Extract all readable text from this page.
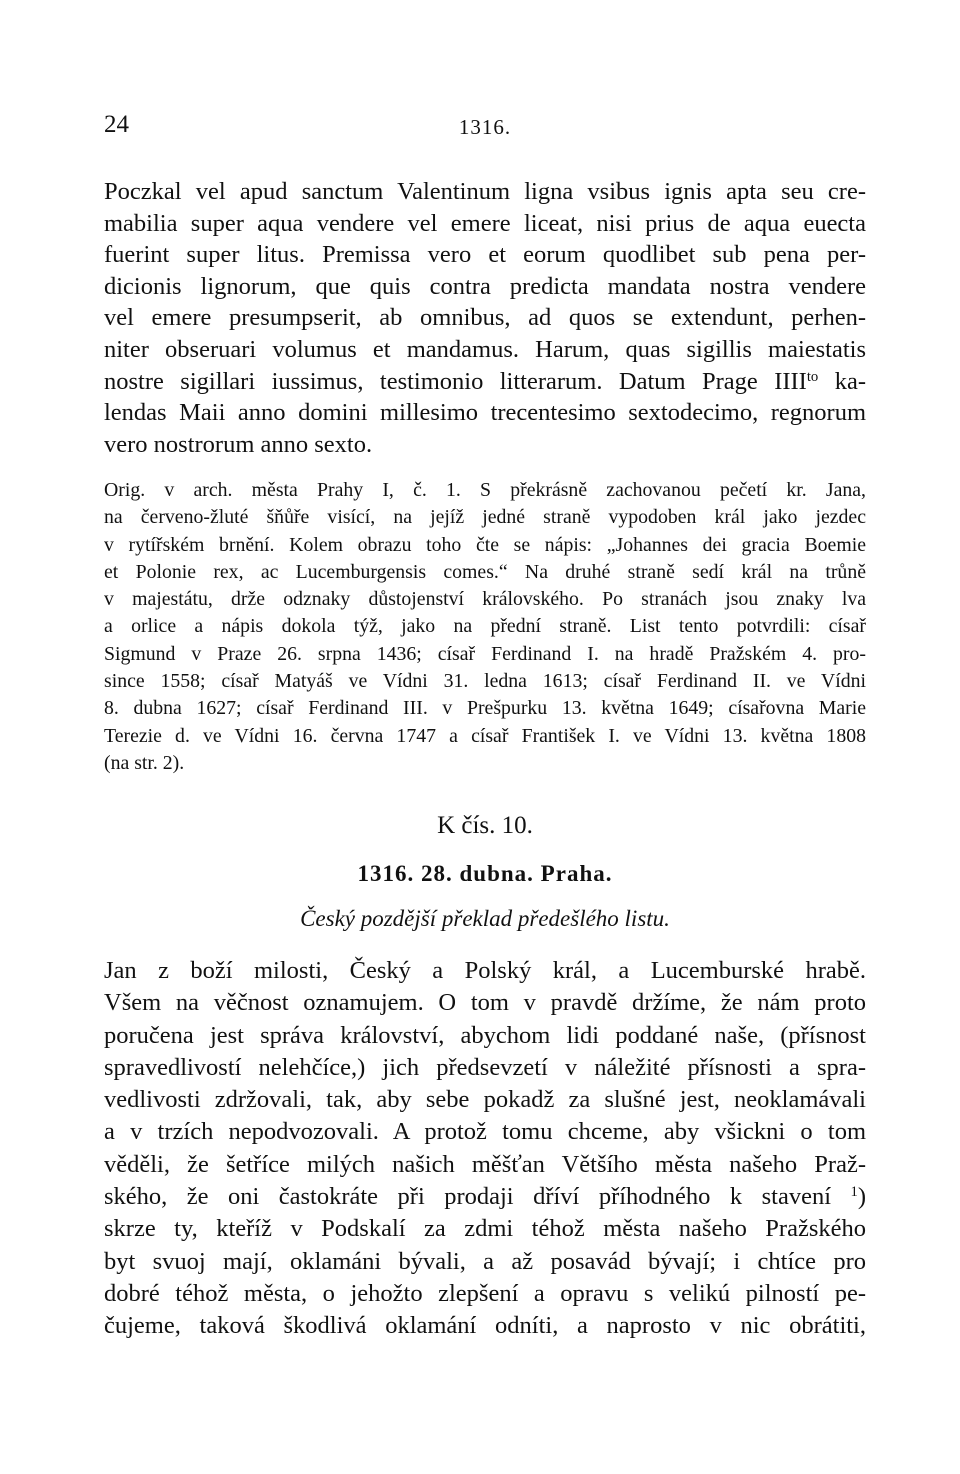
24	1316.
Poczkal vel apud sanctum Valentinum ligna vsibus ignis apta seu cre-
mabilia super aqua vendere vel emere liceat, nisi prius de aqua euecta
fuerint super litus. Premissa vero et eorum quodlibet sub pena per-
dicionis lignorum, que quis contra predicta mandata nostra vendere
vel emere presumpserit, ab omnibus, ad quos se extendunt, perhen-
niter obseruari volumus et mandamus. Harum, quas sigillis maiestatis
nostre sigillari iussimus, testimonio litterarum. Datum Prage $IIII^{to}$ ka-
lendas Maii anno domini millesimo trecentesimo sextodecimo, regnorum
vero nostrorum anno sexto.
Orig. v arch. města Prahy I, č. 1. S překrásně zachovanou pečetí kr. Jana,
na červeno-žluté šňůře visící, na jejíž jedné straně vypodoben král jako jezdec
v rytířském brnění. Kolem obrazu toho čte se nápis: „Johannes dei gracia Boemie
et Polonie rex, ac Lucemburgensis comes.“ Na druhé straně sedí král na trůně
v majestátu, drže odznaky důstojenství královského. Po stranách jsou znaky lva
a orlice a nápis dokola týž, jako na přední straně. List tento potvrdili: císař
Sigmund v Praze 26. srpna 1436; císař Ferdinand I. na hradě Pražském 4. pro-
since 1558; císař Matyáš ve Vídni 31. ledna 1613; císař Ferdinand II. ve Vídni
8. dubna 1627; císař Ferdinand III. v Prešpurku 13. května 1649; císařovna Marie
Terezie d. ve Vídni 16. června 1747 a císař František I. ve Vídni 13. května 1808
(na str. 2).
K čís. 10.
1316. 28. dubna. Praha.
Český pozdější překlad předešlého listu.
Jan z boží milosti, Český a Polský král, a Lucemburské hrabě.
Všem na věčnost oznamujem. O tom v pravdě držíme, že nám proto
poručena jest správa království, abychom lidi poddané naše, (přísnost
spravedlivostí nelehčíce,) jich předsevzetí v náležité přísnosti a spra-
vedlivosti zdržovali, tak, aby sebe pokadž za slušné jest, neoklamávali
a v trzích nepodvozovali. A protož tomu chceme, aby všickni o tom
věděli, že šetříce milých našich měšťan Většího města našeho Praž-
ského, že oni častokráte při prodaji dříví příhodného k stavení $^1$)
skrze ty, kteříž v Podskalí za zdmi téhož města našeho Pražského
byt svuoj mají, oklamáni bývali, a až posavád bývají; i chtíce pro
dobré téhož města, o jehožto zlepšení a opravu s velikú pilností pe-
čujeme, taková škodlivá oklamání odníti, a naprosto v nic obrátiti,
